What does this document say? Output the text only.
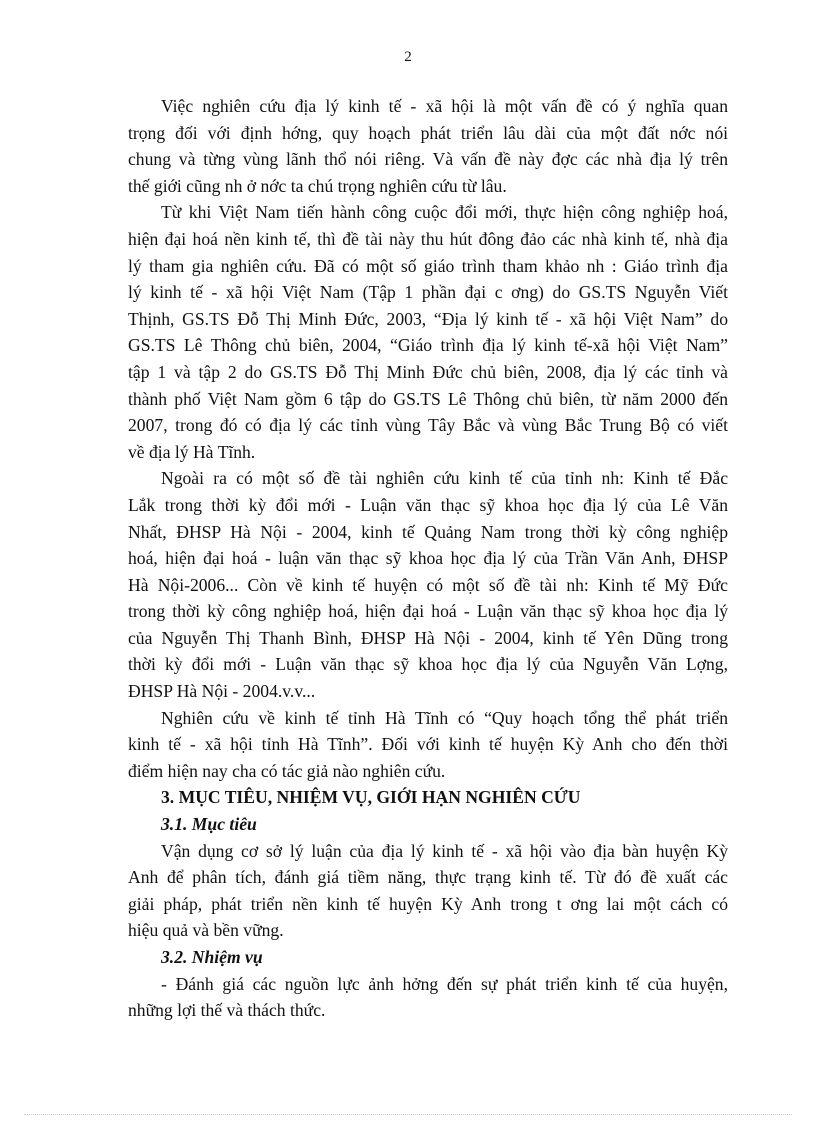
2
Việc nghiên cứu địa lý kinh tế - xã hội là một vấn đề có ý nghĩa quan
trọng đối với định hớng, quy hoạch phát triển lâu dài của một đất nớc nói
chung và từng vùng lãnh thổ nói riêng. Và vấn đề này đợc các nhà địa lý trên
thế giới cũng nh ở nớc ta chú trọng nghiên cứu từ lâu.
Từ khi Việt Nam tiến hành công cuộc đổi mới, thực hiện công nghiệp hoá,
hiện đại hoá nền kinh tế, thì đề tài này thu hút đông đảo các nhà kinh tế, nhà địa
lý tham gia nghiên cứu. Đã có một số giáo trình tham khảo nh : Giáo trình địa
lý kinh tế - xã hội Việt Nam (Tập 1 phần đại c ơng) do GS.TS Nguyễn Viết
Thịnh, GS.TS Đỗ Thị Minh Đức, 2003, “Địa lý kinh tế - xã hội Việt Nam” do
GS.TS Lê Thông chủ biên, 2004, “Giáo trình địa lý kinh tế-xã hội Việt Nam”
tập 1 và tập 2 do GS.TS Đỗ Thị Minh Đức chủ biên, 2008, địa lý các tỉnh và
thành phố Việt Nam gồm 6 tập do GS.TS Lê Thông chủ biên, từ năm 2000 đến
2007, trong đó có địa lý các tỉnh vùng Tây Bắc và vùng Bắc Trung Bộ có viết
về địa lý Hà Tĩnh.
Ngoài ra có một số đề tài nghiên cứu kinh tế của tỉnh nh: Kinh tế Đắc
Lắk trong thời kỳ đổi mới - Luận văn thạc sỹ khoa học địa lý của Lê Văn
Nhất, ĐHSP Hà Nội - 2004, kinh tế Quảng Nam trong thời kỳ công nghiệp
hoá, hiện đại hoá - luận văn thạc sỹ khoa học địa lý của Trần Văn Anh, ĐHSP
Hà Nội-2006... Còn về kinh tế huyện có một số đề tài nh: Kinh tế Mỹ Đức
trong thời kỳ công nghiệp hoá, hiện đại hoá - Luận văn thạc sỹ khoa học địa lý
của Nguyễn Thị Thanh Bình, ĐHSP Hà Nội - 2004, kinh tế Yên Dũng trong
thời kỳ đổi mới - Luận văn thạc sỹ khoa học địa lý của Nguyễn Văn Lợng,
ĐHSP Hà Nội - 2004.v.v...
Nghiên cứu về kinh tế tỉnh Hà Tĩnh có “Quy hoạch tổng thể phát triển
kinh tế - xã hội tỉnh Hà Tĩnh”. Đối với kinh tế huyện Kỳ Anh cho đến thời
điểm hiện nay cha có tác giả nào nghiên cứu.
3. MỤC TIÊU, NHIỆM VỤ, GIỚI HẠN NGHIÊN CỨU
3.1. Mục tiêu
Vận dụng cơ sở lý luận của địa lý kinh tế - xã hội vào địa bàn huyện Kỳ
Anh để phân tích, đánh giá tiềm năng, thực trạng kinh tế. Từ đó đề xuất các
giải pháp, phát triển nền kinh tế huyện Kỳ Anh trong t ơng lai một cách có
hiệu quả và bền vững.
3.2. Nhiệm vụ
- Đánh giá các nguồn lực ảnh hởng đến sự phát triển kinh tế của huyện,
những lợi thế và thách thức.
